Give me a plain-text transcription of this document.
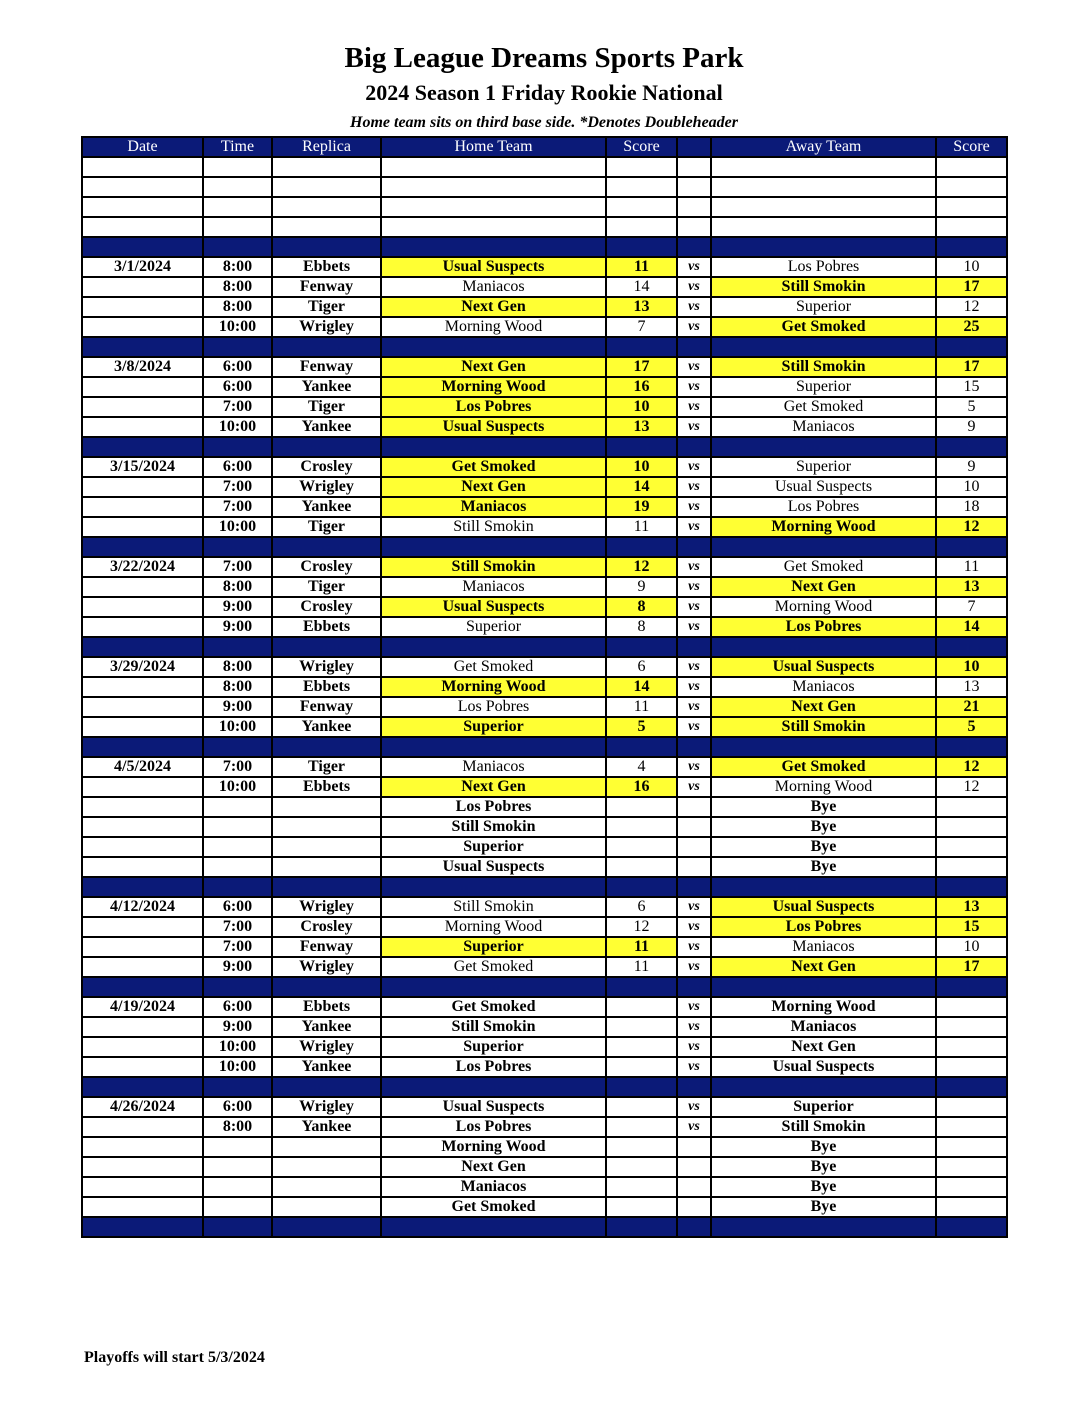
Big League Dreams Sports Park
2024 Season 1 Friday Rookie National
Home team sits on third base side. *Denotes Doubleheader
Date	Time	Replica	Home Team	Score		Away Team	Score

3/1/2024	8:00	Ebbets	Usual Suspects	11	vs	Los Pobres	10
	8:00	Fenway	Maniacos	14	vs	Still Smokin	17
	8:00	Tiger	Next Gen	13	vs	Superior	12
	10:00	Wrigley	Morning Wood	7	vs	Get Smoked	25

3/8/2024	6:00	Fenway	Next Gen	17	vs	Still Smokin	17
	6:00	Yankee	Morning Wood	16	vs	Superior	15
	7:00	Tiger	Los Pobres	10	vs	Get Smoked	5
	10:00	Yankee	Usual Suspects	13	vs	Maniacos	9

3/15/2024	6:00	Crosley	Get Smoked	10	vs	Superior	9
	7:00	Wrigley	Next Gen	14	vs	Usual Suspects	10
	7:00	Yankee	Maniacos	19	vs	Los Pobres	18
	10:00	Tiger	Still Smokin	11	vs	Morning Wood	12

3/22/2024	7:00	Crosley	Still Smokin	12	vs	Get Smoked	11
	8:00	Tiger	Maniacos	9	vs	Next Gen	13
	9:00	Crosley	Usual Suspects	8	vs	Morning Wood	7
	9:00	Ebbets	Superior	8	vs	Los Pobres	14

3/29/2024	8:00	Wrigley	Get Smoked	6	vs	Usual Suspects	10
	8:00	Ebbets	Morning Wood	14	vs	Maniacos	13
	9:00	Fenway	Los Pobres	11	vs	Next Gen	21
	10:00	Yankee	Superior	5	vs	Still Smokin	5

4/5/2024	7:00	Tiger	Maniacos	4	vs	Get Smoked	12
	10:00	Ebbets	Next Gen	16	vs	Morning Wood	12
			Los Pobres			Bye	
			Still Smokin			Bye	
			Superior			Bye	
			Usual Suspects			Bye	

4/12/2024	6:00	Wrigley	Still Smokin	6	vs	Usual Suspects	13
	7:00	Crosley	Morning Wood	12	vs	Los Pobres	15
	7:00	Fenway	Superior	11	vs	Maniacos	10
	9:00	Wrigley	Get Smoked	11	vs	Next Gen	17

4/19/2024	6:00	Ebbets	Get Smoked		vs	Morning Wood	
	9:00	Yankee	Still Smokin		vs	Maniacos	
	10:00	Wrigley	Superior		vs	Next Gen	
	10:00	Yankee	Los Pobres		vs	Usual Suspects	

4/26/2024	6:00	Wrigley	Usual Suspects		vs	Superior	
	8:00	Yankee	Los Pobres		vs	Still Smokin	
			Morning Wood			Bye	
			Next Gen			Bye	
			Maniacos			Bye	
			Get Smoked			Bye	

Playoffs will start 5/3/2024
